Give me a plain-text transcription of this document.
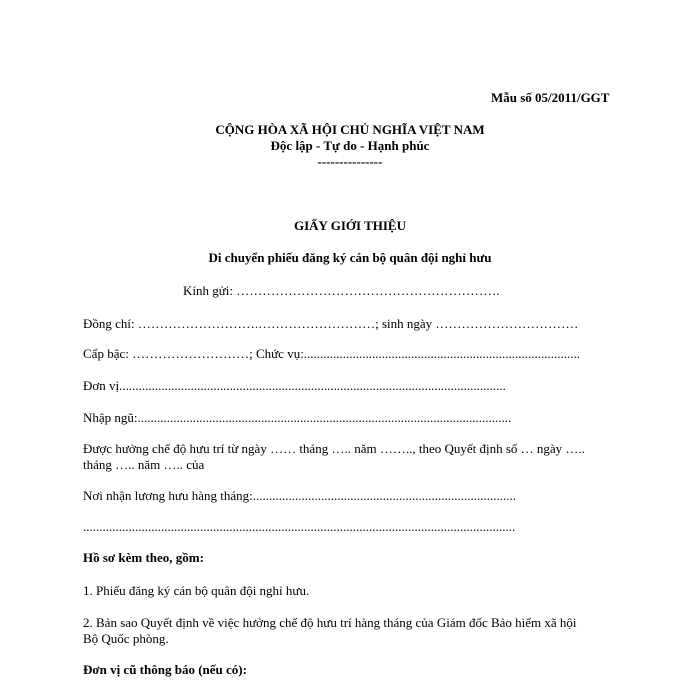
Mẫu số 05/2011/GGT
CỘNG HÒA XÃ HỘI CHỦ NGHĨA VIỆT NAM
Độc lập - Tự do - Hạnh phúc
---------------
GIẤY GIỚI THIỆU
Di chuyển phiếu đăng ký cán bộ quân đội nghỉ hưu
Kính gửi: …………………………………………………….
Đồng chí: ……………………….………………………; sinh ngày ……………………………
Cấp bậc: ………………………; Chức vụ:.....................................................................................
Đơn vị.......................................................................................................................
Nhập ngũ:...................................................................................................................
Được hưởng chế độ hưu trí từ ngày …… tháng ….. năm …….., theo Quyết định số … ngày …..
tháng ….. năm ….. của
Nơi nhận lương hưu hàng tháng:.................................................................................
.....................................................................................................................................
Hồ sơ kèm theo, gồm:
1. Phiếu đăng ký cán bộ quân đội nghỉ hưu.
2. Bản sao Quyết định về việc hưởng chế độ hưu trí hàng tháng của Giám đốc Bảo hiểm xã hội
Bộ Quốc phòng.
Đơn vị cũ thông báo (nếu có):
